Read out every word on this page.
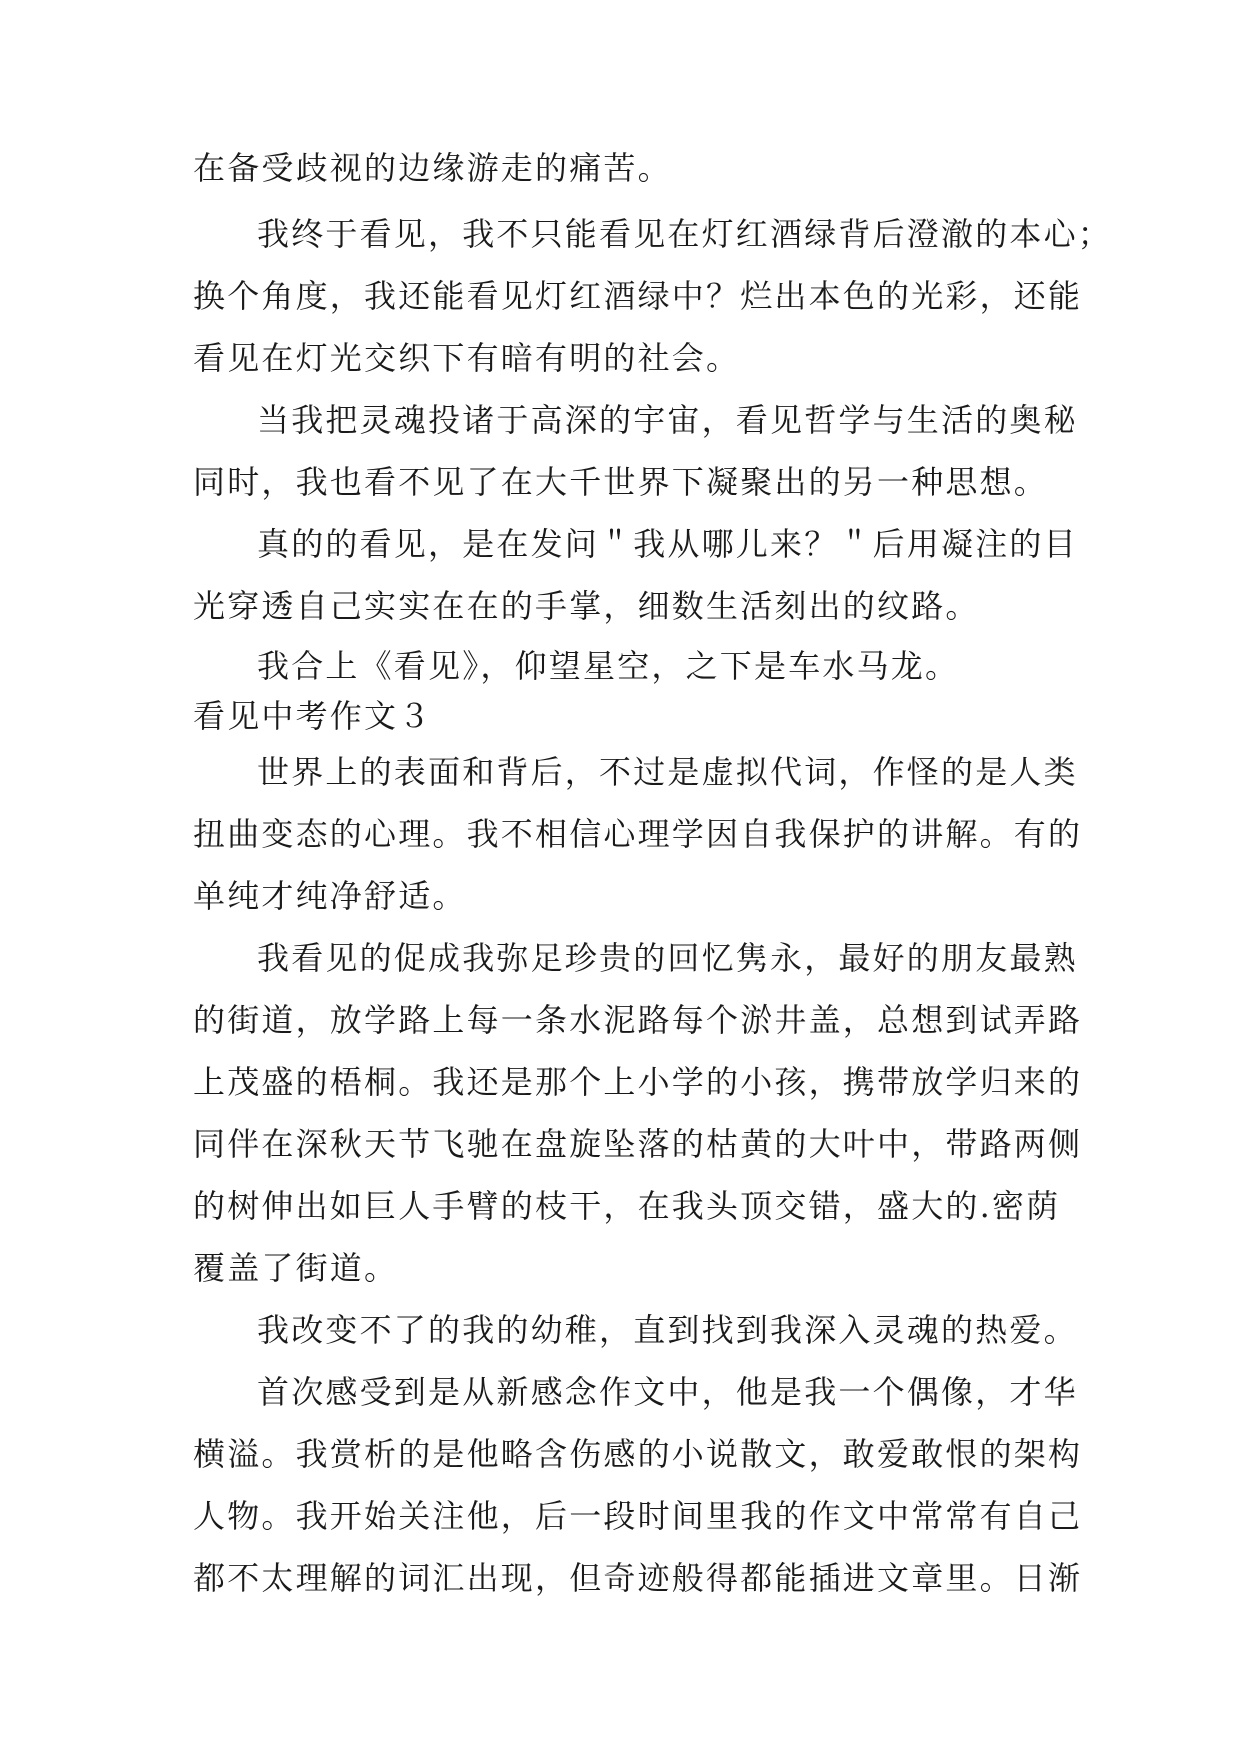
在备受歧视的边缘游走的痛苦。
我终于看见，我不只能看见在灯红酒绿背后澄澈的本心；
换个角度，我还能看见灯红酒绿中？烂出本色的光彩，还能
看见在灯光交织下有暗有明的社会。
当我把灵魂投诸于高深的宇宙，看见哲学与生活的奥秘
同时，我也看不见了在大千世界下凝聚出的另一种思想。
真的的看见，是在发问＂我从哪儿来？＂后用凝注的目
光穿透自己实实在在的手掌，细数生活刻出的纹路。
我合上《看见》，仰望星空，之下是车水马龙。
看见中考作文３
世界上的表面和背后，不过是虚拟代词，作怪的是人类
扭曲变态的心理。我不相信心理学因自我保护的讲解。有的
单纯才纯净舒适。
我看见的促成我弥足珍贵的回忆隽永，最好的朋友最熟
的街道，放学路上每一条水泥路每个淤井盖，总想到试弄路
上茂盛的梧桐。我还是那个上小学的小孩，携带放学归来的
同伴在深秋天节飞驰在盘旋坠落的枯黄的大叶中，带路两侧
的树伸出如巨人手臂的枝干，在我头顶交错，盛大的.密荫
覆盖了街道。
我改变不了的我的幼稚，直到找到我深入灵魂的热爱。
首次感受到是从新感念作文中，他是我一个偶像，才华
横溢。我赏析的是他略含伤感的小说散文，敢爱敢恨的架构
人物。我开始关注他，后一段时间里我的作文中常常有自己
都不太理解的词汇出现，但奇迹般得都能插进文章里。日渐
